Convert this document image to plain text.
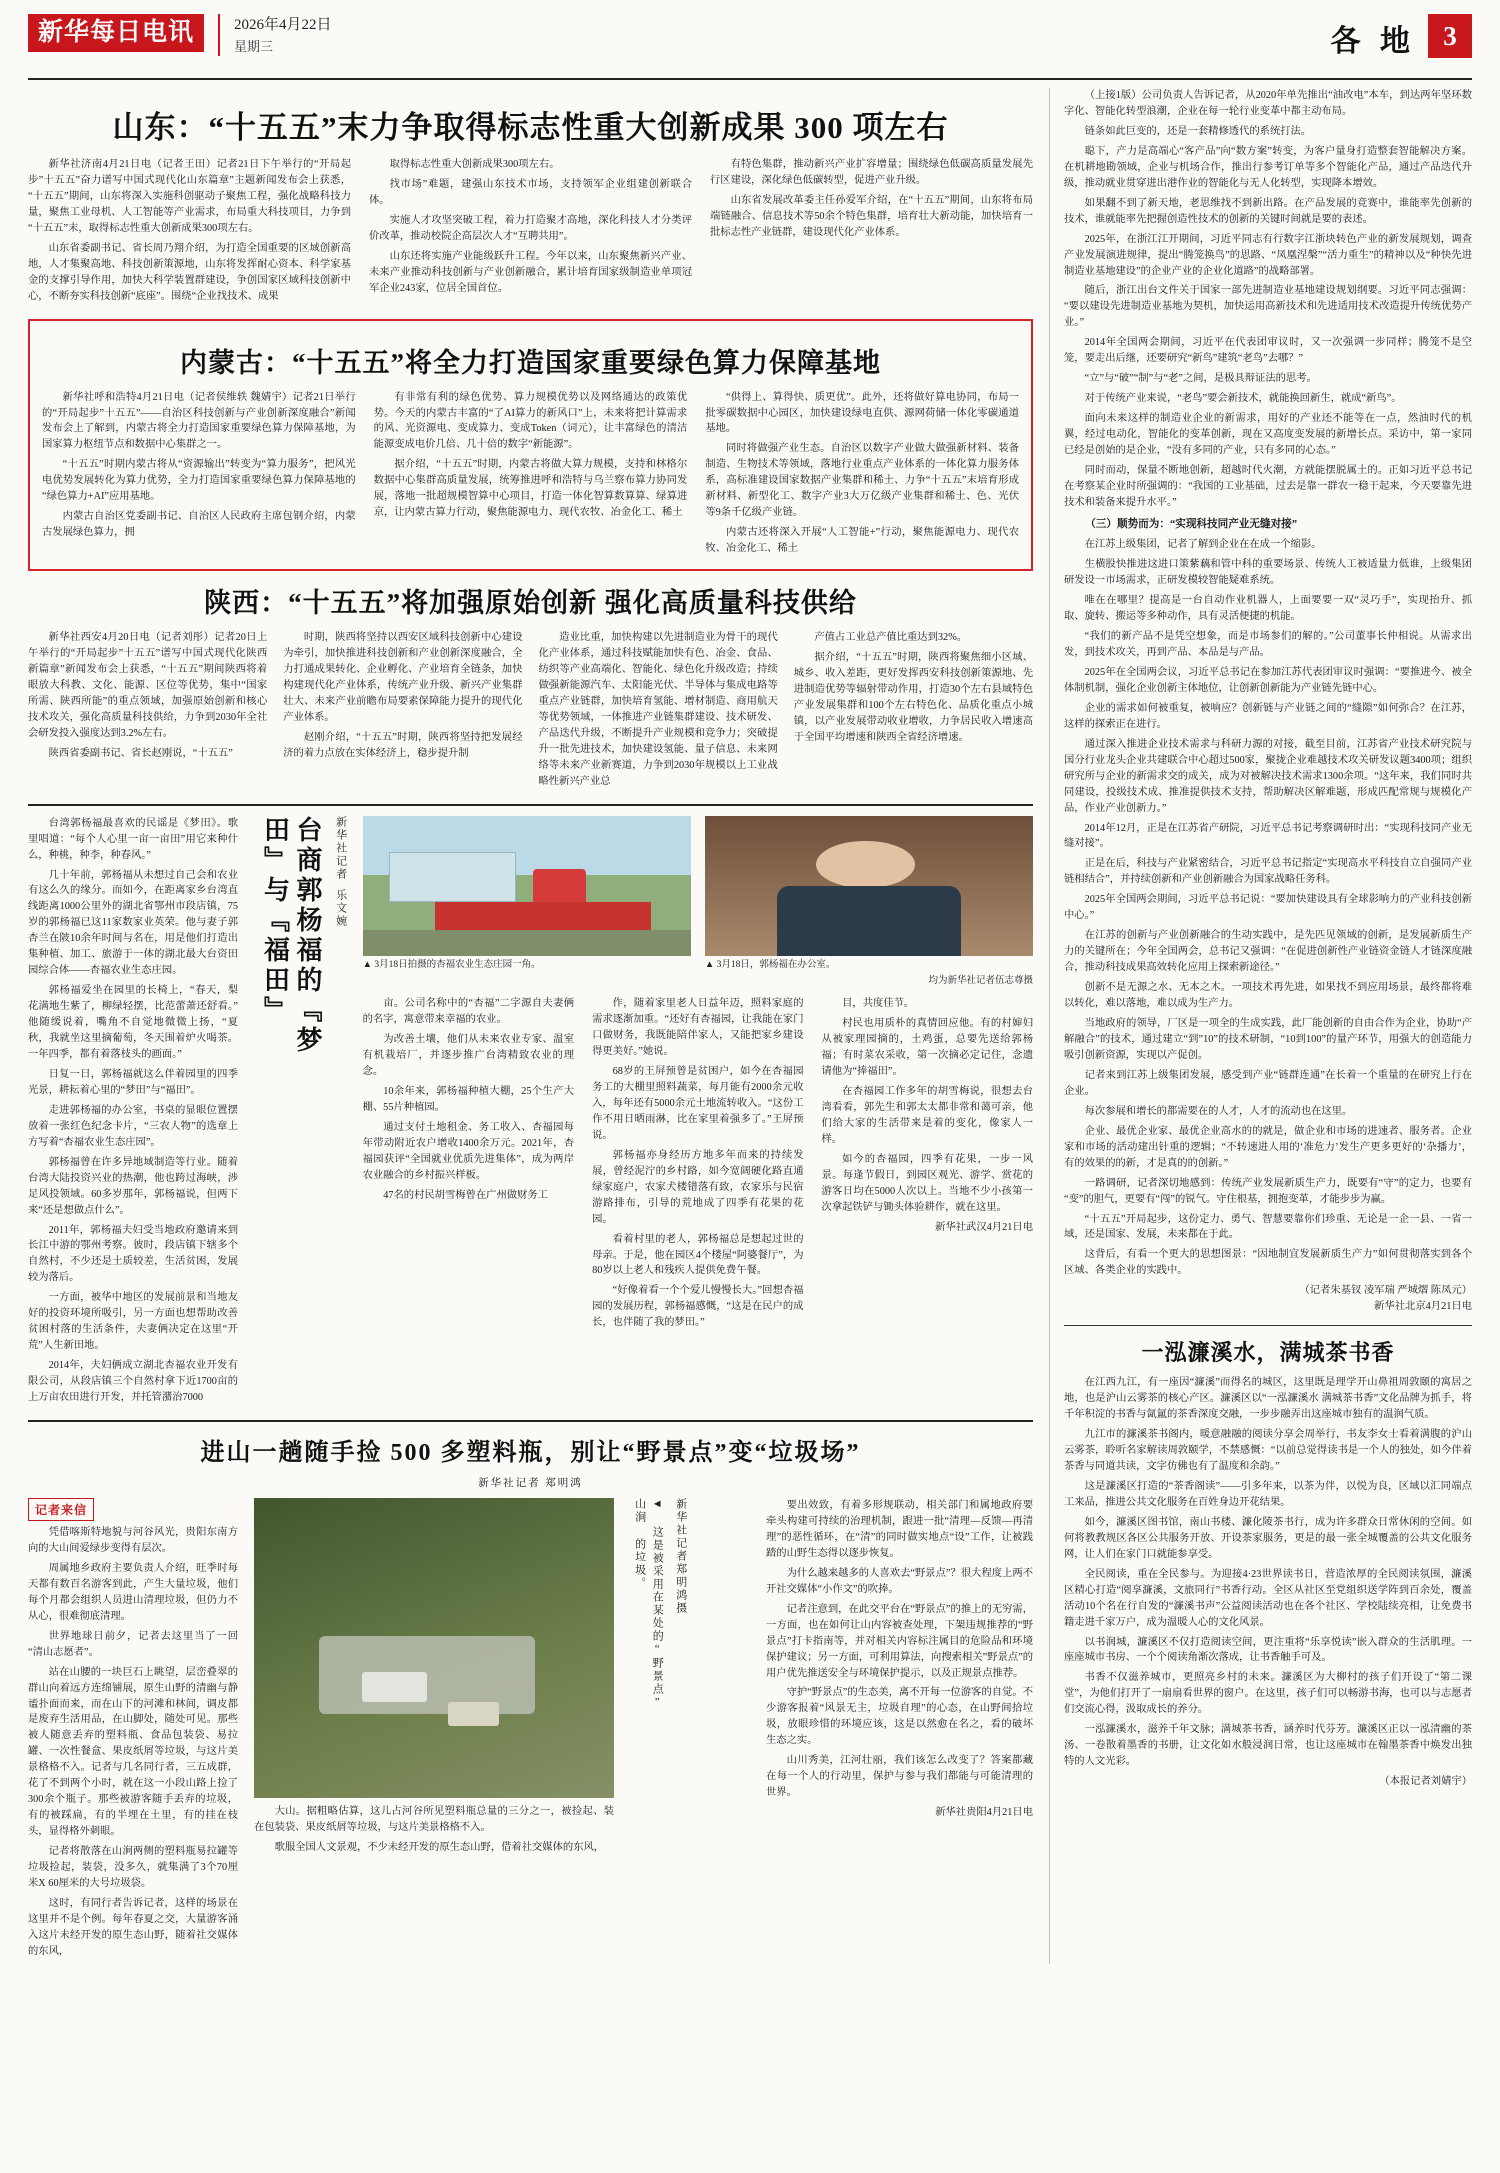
新华每日电讯	2026年4月22日
星期三	各 地	3
山东：“十五五”末力争取得标志性重大创新成果 300 项左右

新华社济南4月21日电（记者王田）记者21日下午举行的“开局起步”十五五”奋力谱写中国式现代化山东篇章”主题新闻发布会上获悉，“十五五”期间，山东将深入实施科创驱动子聚焦工程，强化战略科技力量，聚焦工业母机、人工智能等产业需求，布局重大科技项目，力争到“十五五”末，取得标志性重大创新成果300项左右。

山东省委副书记、省长周乃翔介绍，为打造全国重要的区域创新高地，人才集聚高地、科技创新策源地，山东将发挥耐心资本、科学家基金的支撑引导作用，加快大科学装置群建设，争创国家区域科技创新中心，不断夯实科技创新“底座”。围绕“企业找技术、成果

取得标志性重大创新成果300项左右。

找市场”难题，建强山东技术市场，支持领军企业组建创新联合体。

实施人才攻坚突破工程，着力打造聚才高地，深化科技人才分类评价改革，推动校院企高层次人才“互聘共用”。

山东还将实施产业能级跃升工程。今年以来，山东聚焦新兴产业、未来产业推动科技创新与产业创新融合，累计培育国家级制造业单项冠军企业243家，位居全国首位。

有特色集群，推动新兴产业扩容增量；围绕绿色低碳高质量发展先行区建设，深化绿色低碳转型，促进产业升级。

山东省发展改革委主任孙爱军介绍，在“十五五”期间，山东将布局端链融合、信息技术等50余个特色集群，培育壮大新动能，加快培育一批标志性产业链群，建设现代化产业体系。

内蒙古：“十五五”将全力打造国家重要绿色算力保障基地

新华社呼和浩特4月21日电（记者侯维轶 魏婧宇）记者21日举行的“开局起步”十五五”——自治区科技创新与产业创新深度融合”新闻发布会上了解到，内蒙古将全力打造国家重要绿色算力保障基地，为国家算力枢纽节点和数据中心集群之一。

“十五五”时期内蒙古将从“资源输出”转变为“算力服务”，把风光电优势发展转化为算力优势，全力打造国家重要绿色算力保障基地的“绿色算力+AI”应用基地。

内蒙古自治区党委副书记、自治区人民政府主席包钢介绍，内蒙古发展绿色算力，拥

有非常有利的绿色优势、算力规模优势以及网络通达的政策优势。今天的内蒙古丰富的“了AI算力的新风口”上，未来将把计算需求的风、光资源电、变成算力、变成Token（词元），让丰富绿色的清洁能源变成电价几倍、几十倍的数字“新能源”。

据介绍，“十五五”时期，内蒙古将做大算力规模，支持和林格尔数据中心集群高质量发展，统筹推进呼和浩特与乌兰察布算力协同发展，落地一批超规模智算中心项目，打造一体化智算数算算、绿算进京，让内蒙古算力行动，聚焦能源电力、现代农牧、冶金化工、稀土

“供得上、算得快、质更优”。此外，还将做好算电协同，布局一批零碳数据中心园区，加快建设绿电直供、源网荷储一体化零碳通道基地。

同时将做强产业生态。自治区以数字产业做大做强新材料、装备制造、生物技术等领域，落地行业重点产业体系的一体化算力服务体系，高标准建设国家数据产业集群和稀土、力争“十五五”末培育形成新材料、新型化工、数字产业3大万亿级产业集群和稀土、色、光伏等9条千亿级产业链。

内蒙古还将深入开展“人工智能+”行动，聚焦能源电力、现代农牧、冶金化工、稀土

陕西：“十五五”将加强原始创新 强化高质量科技供给

新华社西安4月20日电（记者刘彤）记者20日上午举行的“开局起步”十五五”谱写中国式现代化陕西新篇章”新闻发布会上获悉，“十五五”期间陕西将着眼放大科教、文化、能源、区位等优势，集中“国家所需、陕西所能”的重点领域，加强原始创新和核心技术攻关，强化高质量科技供给，力争到2030年全社会研发投入强度达到3.2%左右。

陕西省委副书记、省长赵刚说，“十五五”

时期，陕西将坚持以西安区域科技创新中心建设为牵引，加快推进科技创新和产业创新深度融合，全力打通成果转化、企业孵化、产业培育全链条，加快构建现代化产业体系，传统产业升级、新兴产业集群壮大、未来产业前瞻布局要素保障能力提升的现代化产业体系。

赵刚介绍，“十五五”时期，陕西将坚持把发展经济的着力点放在实体经济上，稳步提升制

造业比重，加快构建以先进制造业为骨干的现代化产业体系，通过科技赋能加快有色、冶金、食品、纺织等产业高端化、智能化、绿色化升级改造；持续做强新能源汽车、太阳能光伏、半导体与集成电路等重点产业链群，加快培育氢能、增材制造、商用航天等优势领域，一体推进产业链集群建设、技术研发、产品迭代升级，不断提升产业规模和竞争力；突破提升一批先进技术，加快建设氢能、量子信息、未来网络等未来产业新赛道，力争到2030年规模以上工业战略性新兴产业总

产值占工业总产值比重达到32%。

据介绍，“十五五”时期，陕西将聚焦细小区域、城乡、收入差距，更好发挥西安科技创新策源地、先进制造优势等辐射带动作用，打造30个左右县域特色产业发展集群和100个左右特色化、品质化重点小城镇，以产业发展带动收业增收，力争居民收入增速高于全国平均增速和陕西全省经济增速。

台湾郭杨福最喜欢的民谣是《梦田》。歌里唱道：“每个人心里一亩一亩田”用它来种什么，种桃，种李，种春风。”

几十年前，郭杨福从未想过自己会和农业有这么久的缘分。而如今，在距离家乡台湾直线距离1000公里外的湖北省鄂州市段店镇，75岁的郭杨福已这11家数家业英荣。他与妻子郭杏兰在陂10余年时间与名在，用是他们打造出集种植、加工、旅游于一体的湖北最大台资田园综合体——杏福农业生态庄园。

郭杨福爱坐在园里的长椅上，“春天，梨花满地生紫了，柳绿轻摆，比范蕾萧还舒看。”他随缓说着，嘴角不自觉地微微上扬，“夏秋，我就坐这里摘葡萄，冬天围着炉火喝茶。一年四季，都有着落枝头的画面。”

日复一日，郭杨福就这么伴着园里的四季光景，耕耘着心里的“梦田”与“福田”。

走进郭杨福的办公室，书桌的显眼位置摆放着一张红色纪念卡片，“三农人物”的选章上方写着“杏福农业生态庄园”。

郭杨福曾在许多异地域制造等行业。随着台湾大陆投资兴业的热潮，他也跨过海峡，涉足风投领域。60多岁那年，郭杨福说，但两下来“还是想做点什么”。

2011年，郭杨福夫妇受当地政府邀请来到长江中游的鄂州考察。彼时，段店镇下辖多个自然村，不少还是土质较差，生活贫困，发展较为落后。

一方面，被华中地区的发展前景和当地友好的投资环境所吸引，另一方面也想帮助改善贫困村落的生活条件，夫妻俩决定在这里“开荒”人生新田地。

2014年，夫妇俩成立湖北杏福农业开发有限公司，从段店镇三个自然村拿下近1700亩的上万亩农田进行开发，并托管潴治7000

台商郭杨福的『梦田』与『福田』	新华社记者
乐文婉
▲ 3月18日拍摄的杏福农业生态庄园一角。	▲ 3月18日，郭杨福在办公室。
均为新华社记者伍志尊摄

亩。公司名称中的“杏福”二字源自夫妻俩的名字，寓意带来幸福的农业。

为改善土壤，他们从未来农业专家、温室有机栽培厂，并逐步推广台湾精致农业的理念。

10余年来，郭杨福种植大棚，25个生产大棚、55片种植园。

通过支付土地租金、务工收入、杏福园每年带动附近农户增收1400余万元。2021年，杏福园获评“全国就业优质先进集体”，成为两岸农业融合的乡村振兴样板。

47名的村民胡雪梅曾在广州做财务工

作，随着家里老人日益年迈，照料家庭的需求逐渐加重。“还好有杏福园，让我能在家门口做财务，我既能陪伴家人，又能把家乡建设得更美好。”她说。

68岁的王屏预曾是贫困户，如今在杏福园务工的大棚里照料蔬菜，每月能有2000余元收入，每年还有5000余元土地流转收入。“这份工作不用日晒雨淋，比在家里着强多了。”王屏预说。

郭杨福亦身经历方地多年而来的持续发展，曾经泥泞的乡村路，如今宽阔硬化路直通绿家庭户，农家犬楼错落有致，农家乐与民宿游路排布，引导的荒地成了四季有花果的花园。

看着村里的老人，郭杨福总是想起过世的母亲。于是，他在园区4个楼屋“阿婆餐厅”，为80岁以上老人和残疾人提供免费午餐。

“好像着看一个个爱儿慢慢长大。”回想杏福园的发展历程，郭杨福感慨，“这是在民户的成长，也伴随了我的梦田。”

目，共度佳节。

村民也用质朴的真情回应他。有的村婶妇从被家理园摘的，土鸡蛋，总要先送给郭杨福；有时菜农采收，第一次摘必定记住，念遗请他为“捧福田”。

在杏福园工作多年的胡雪梅说，很想去台湾看看，郭先生和郭太太都非常和蔼可亲，他们给大家的生活带来是着的变化，像家人一样。

如今的杏福园，四季有花果，一步一风景。每逢节假日，到园区观光、游学、赏花的游客日均在5000人次以上。当地不少小孩第一次拿起铁铲与锄头体验耕作，就在这里。

新华社武汉4月21日电
进山一趟随手捡 500 多塑料瓶，别让“野景点”变“垃圾场”
新华社记者 郑明鸿
记者来信

凭借喀斯特地貌与河谷风光，贵阳东南方向的大山间爱绿步变得有层次。

周属地乡政府主要负责人介绍，旺季时每天都有数百名游客到此，产生大量垃圾，他们每个月都会组织人员进山清理垃圾，但仍力不从心，很难彻底清理。

世界地球日前夕，记者去这里当了一回“清山志愿者”。

站在山腰的一块巨石上眺望，层峦叠翠的群山向着远方连绵铺展，原生山野的清幽与静谧扑面而来，而在山下的河滩和林间，调皮都是废弃生活用品，在山脚处，随处可见。那些被人随意丢弃的塑料瓶、食品包装袋、易拉罐、一次性餐盒、果皮纸屑等垃圾，与这片美景格格不入。记者与几名同行者，三五成群，花了不到两个小时，就在这一小段山路上捡了300余个瓶子。那些被游客随手丢弃的垃圾，有的被踩扁，有的半埋在土里，有的挂在枝头，显得格外刺眼。

记者将散落在山涧两侧的塑料瓶易拉罐等垃圾捡起，装袋，没多久，就集满了3个70厘米X 60厘米的大号垃圾袋。

这时，有同行者告诉记者，这样的场景在这里并不是个例。每年春夏之交，大量游客涌入这片未经开发的原生态山野，随着社交媒体的东风，

大山。据粗略估算，这儿占河谷所见塑料瓶总量的三分之一，被捡起、装在包装袋、果皮纸屑等垃圾，与这片美景格格不入。

歌服全国人文景观，不少未经开发的原生态山野，借着社交媒体的东风，

◄ 这是被采用在某处的“野景点”山涧 的垃圾。	新华社记者郑明鸿摄	要出效致，有着多形规联动，相关部门和属地政府要牵头构建可持续的治理机制，跟进一批“清理—反馈—再清理”的恶性循环，在“清”的同时做实地点“设”工作，让被践踏的山野生态得以逐步恢复。

为什么越来越多的人喜欢去“野景点”？很大程度上两不开社交媒体“小作文”的吹捧。

记者注意到，在此交平台在“野景点”的推上的无穷需，一方面，也在如何让山内容被查处理，下架违规推荐的“野景点”打卡指南等，并对相关内容标注属目的危险品和环境保护建议；另一方面，可利用算法，向搜索相关”野景点”的用户优先推送安全与环境保护提示，以及正规景点推荐。

守护“野景点”的生态美，离不开每一位游客的自觉。不少游客报着“风景无主，垃圾自理”的心态，在山野间拾垃圾，放眼珍惜的环境应该，这是以然愈在名之，看的破坏生态之实。

山川秀美，江河壮丽，我们该怎么改变了？答案都藏在每一个人的行动里，保护与参与我们都能与可能清理的世界。

新华社贵阳4月21日电

（上接1版）公司负责人告诉记者，从2020年单先推出“油改电”本车，到达两年坚环数字化、智能化转型浪潮，企业在每一轮行业变革中都主动布局。

链条如此巨变的，还是一套精修透代的系统打法。

聪下，产力是高端心“客产品”向“数方案”转变，为客户量身打造整套智能解决方案。在机耕地勘领域，企业与机场合作，推出行参考订单等多个智能化产品，通过产品迭代升级，推动就业贯穿进出港作业的智能化与无人化转型，实现降本增效。

如果翻不到了新天地，老思维找不到新出路。在产品发展的竞赛中，谁能率先创新的技术，谁就能率先把握创造性技术的创新的关键时间就是要的表述。

2025年，在浙江江开期间，习近平同志有行数字江浙块转色产业的新发展规划，调查产业发展演进规律，提出“腾笼换鸟”的思路、“凤凰涅槃”“活力重生”的精神以及“种快先进制造业基地建设”的企业产业的企业化道路”的战略部署。

随后，浙江出台文件关于国家一部先进制造业基地建设规划纲要。习近平同志强调：“要以建设先进制造业基地为契机，加快运用高新技术和先进适用技术改造提升传统优势产业。”

2014年全国两会期间，习近平在代表团审议时，又一次强调一步同样；腾笼不是空笼，要走出后继，还要研究“新鸟”建筑“老鸟”去哪？”

“立”与“破”“制”与“老”之间，是极具辩证法的思考。

对于传统产业来说，“老鸟”要会新技术，就能换回新生，就成“新鸟”。

面向未来这样的制造业企业的新需求，用好的产业还不能等在一点，然油时代的机翼，经过电动化，智能化的变革创新，现在又高度变发展的新增长点。采访中，第一家同已经是创始的是企业，“没有多同的产业，只有多同的心态。”

同时而动，保量不断地创新，超越时代火潮，方就能摆脱属土的。正如习近平总书记在考察某企业时所强调的：“我国的工业基础，过去是靠一群农一稳干起来，今天要靠先进技术和装备来提升水平。”

（三）顺势而为：“实现科技同产业无缝对接”

在江苏上级集团，记者了解到企业在在成一个缩影。

生横股快推进这进口策紫藕和管中科的重要场景、传统人工被适量力低谁，上级集团研发设一市场需求，正研发模较智能疑难系统。

唯在在哪里？提高是一台自动作业机器人，上面要要一双“灵巧手”，实现抬升、抓取、旋转、搬运等多种动作，具有灵活便捷的机能。

“我们的新产品不是凭空想象，而是市场参们的解的。”公司董事长仲相说。从需求出发，到技术攻关，再到产品、本品是与产品。

2025年在全国两会议，习近平总书记在参加江苏代表团审议时强调：“要推进今、被全体制机制，强化企业创新主体地位，让创新创新能为产业链先链中心。

企业的需求如何被重复，被响应？创新链与产业链之间的“缝隙”如何弥合？在江苏，这样的探索正在进行。

通过深入推进企业技术需求与科研力源的对接，截至目前，江苏省产业技术研究院与国分行业龙头企业共建联合中心超过500家，聚拢企业难越技术攻关研发议题3400项；组织研究所与企业的新需求交的成关，成为对被解决技术需求1300余项。“这年来，我们同时共同建设，投级技术成、推准提供技术支持，帮助解决区解难题，形成匹配常规与规模化产品，作业产业创新力。”

2014年12月，正是在江苏省产研院，习近平总书记考察调研时出：“实现科技同产业无缝对接”。

正是在后，科技与产业紧密结合，习近平总书记指定“实现高水平科技自立自强同产业链相结合”，并持续创新和产业创新融合为国家战略任务科。

2025年全国两会期间，习近平总书记说：“要加快建设具有全球影响力的产业科技创新中心。”

在江苏的创新与产业创新融合的生动实践中，是先匹见领域的创新，是发展新质生产力的关键所在；今年全国两会，总书记又强调：“在促进创新性产业链资金链人才链深度融合，推动科技成果高效转化应用上探索新途径。”

创新不是无源之水、无本之木。一项技术再先进，如果找不到应用场景，最终都将难以转化，难以落地，难以成为生产力。

当地政府的领导，厂区是一项全的生成实践，此厂能创新的自由合作为企业，协助“产解融合”的技术，通过建立“到”10”的技术研制，“10到100”的量产环节，用强大的创造能力吸引创新资源，实现以产促创。

记者来到江苏上级集团发展，感受到产业“链群连通”在长着一个重量的在研究上行在企业。

每次参展和增长的都需要在的人才，人才的流动也在这里。

企业、最优企业家、最优企业高水的的就是，做企业和市场的进速者、服务者。企业家和市场的活动建出针重的逻辑；“不转速进人用的‘准危力’发生产更多更好的‘杂播力’，有的效果的的新，才是真的的创新。”

一路调研，记者深切地感到：传统产业发展新质生产力，既要有“守”的定力，也要有“变”的胆气，更要有“闯”的锐气。守住根基，拥抱变革，才能步步为赢。

“十五五”开局起步，这份定力、勇气、智慧要靠你们珍重、无论是一企一县、一省一域，还是国家、发展，未来都在于此。

这背后，有看一个更大的思想图景：“因地制宜发展新质生产力”如何贯彻落实到各个区域、各类企业的实践中。

（记者朱基钗 凌军瑞 严城熠 陈凤元）
新华社北京4月21日电
一泓濂溪水，满城茶书香

在江西九江，有一座因“濂溪”而得名的城区，这里既是理学开山鼻祖周敦颐的寓居之地，也是沪山云雾茶的核心产区。濂溪区以“一泓濂溪水 满城茶书香”文化品牌为抓手，将千年积淀的书香与氤氲的茶香深度交融，一步步融弄出这座城市独有的温润气质。

九江市的濂溪茶书阁内，暖意融融的阅读分享会周举行，书友李女士看着满腹的沪山云雾茶，聆听名家解读周敦颐学，不禁感慨：“以前总觉得读书是一个人的独处，如今伴着茶香与同道共读，文字仿佛也有了温度和余韵。”

这是濂溪区打造的“茶香阁读”——引多年来，以茶为伴，以悦为良，区域以汇同端点工来品，推进公共文化服务在百姓身边开花结果。

如今，濂溪区图书馆，南山书楼、濂化陵茶书行，成为许多群众日常休闲的空间。如何将教教规区各区公共服务开放、开设茶家服务，更是的最一张全城覆盖的公共文化服务网，让人们在家门口就能参享受。

全民阅读，重在全民参与。为迎接4·23世界读书日，营造浓厚的全民阅读氛围，濂溪区精心打造“阅享濂溪，文旅同行”书香行动。全区从社区至党组织送学阵到百余处，覆盖活动10个名在行自发的“濂溪书声”公益阅读活动也在各个社区、学校陆续亮相，让免费书籍走进千家万户，成为温暖人心的文化风景。

以书润城，濂溪区不仅打造阅读空间，更注重将“乐享悦读”嵌入群众的生活肌理。一座座城市书房、一个个阅读角渐次落成，让书香触手可及。

书香不仅滋养城市，更照亮乡村的未来。濂溪区为大柳村的孩子们开设了“第二课堂”，为他们打开了一扇扇看世界的窗户。在这里，孩子们可以畅游书海，也可以与志愿者们交流心得，汲取成长的养分。

一泓濂溪水，滋养千年文脉；满城茶书香，涵养时代芬芳。濂溪区正以一泓清幽的茶汤、一卷散着墨香的书册，让文化如水般浸润日常，也让这座城市在翰墨茶香中焕发出独特的人文光彩。

（本报记者刘婧宇）
